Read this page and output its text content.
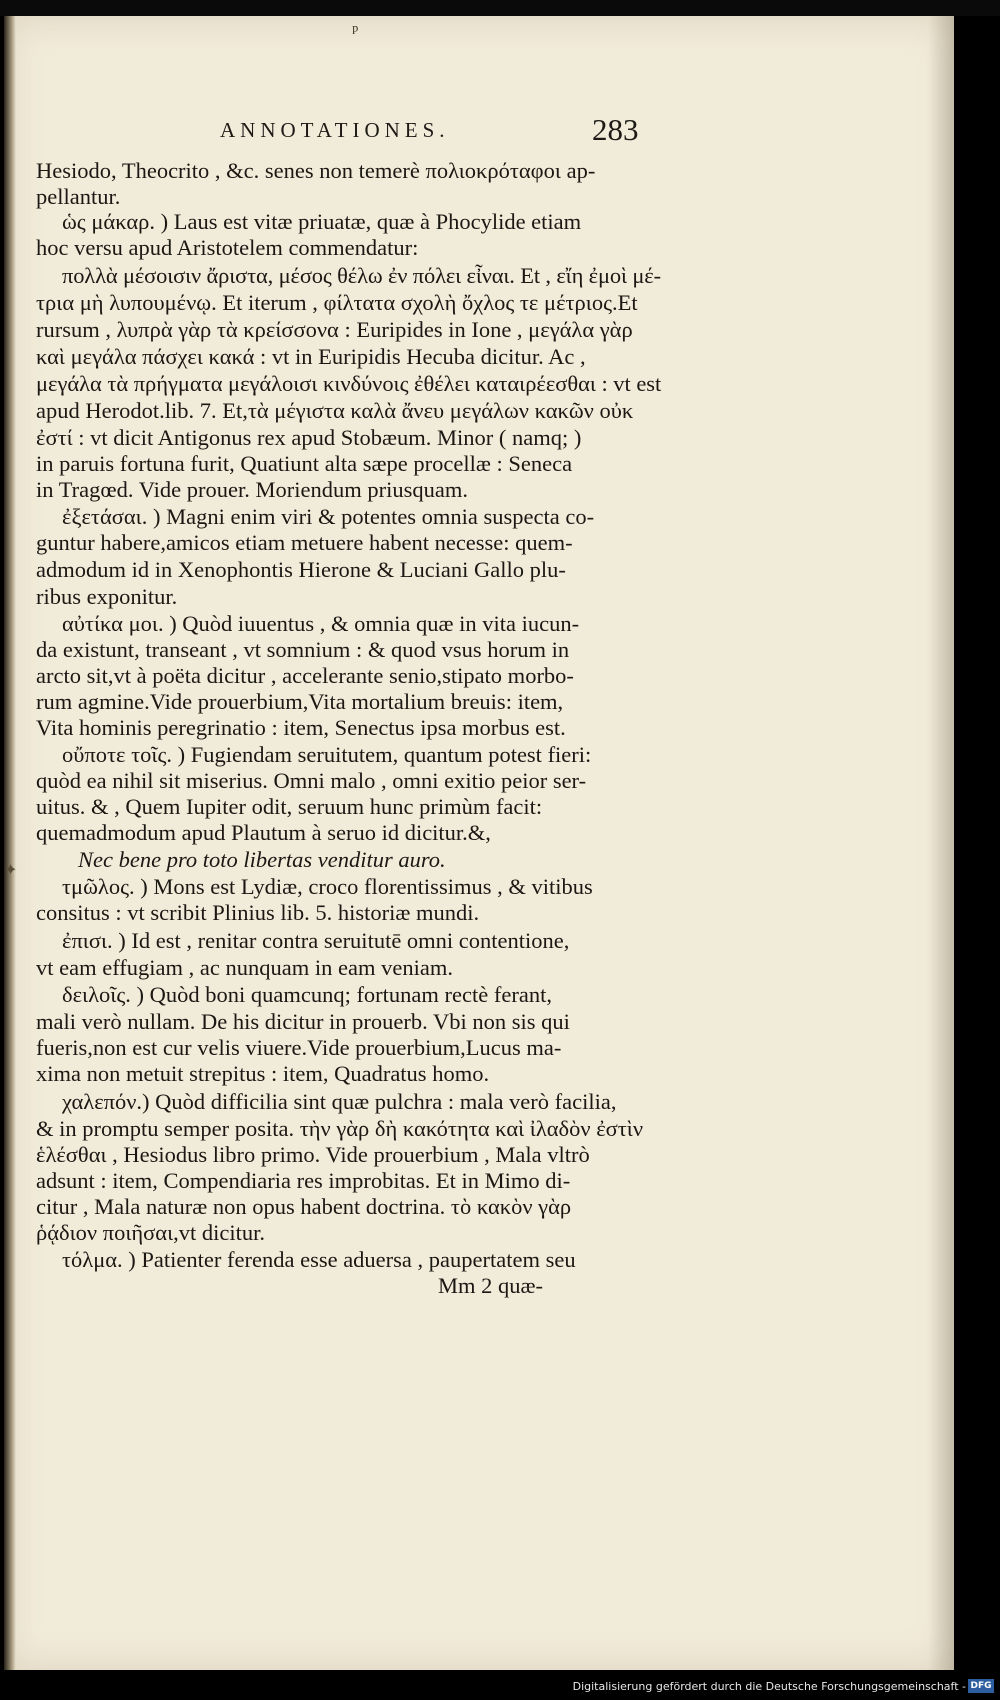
ᵖ
✦
ANNOTATIONES.	283
Hesiodo, Theocrito , &c. senes non temerè πολιοκρόταφοι ap-
pellantur.
ὡς μάκαρ. ) Laus est vitæ priuatæ, quæ à Phocylide etiam
hoc versu apud Aristotelem commendatur:
πολλὰ μέσοισιν ἄριστα, μέσος θέλω ἐν πόλει εἶναι. Et , εἴη ἐμοὶ μέ-
τρια μὴ λυπουμένῳ. Et iterum , φίλτατα σχολὴ ὄχλος τε μέτριος.Et
rursum , λυπρὰ γὰρ τὰ κρείσσονα : Euripides in Ione , μεγάλα γὰρ
καὶ μεγάλα πάσχει κακά : vt in Euripidis Hecuba dicitur. Ac ,
μεγάλα τὰ πρήγματα μεγάλοισι κινδύνοις ἐθέλει καταιρέεσθαι : vt est
apud Herodot.lib. 7. Et,τὰ μέγιστα καλὰ ἄνευ μεγάλων κακῶν οὐκ
ἐστί : vt dicit Antigonus rex apud Stobæum. Minor ( namq; )
in paruis fortuna furit, Quatiunt alta sæpe procellæ : Seneca
in Tragœd. Vide prouer. Moriendum priusquam.
ἐξετάσαι. ) Magni enim viri & potentes omnia suspecta co-
guntur habere,amicos etiam metuere habent necesse: quem-
admodum id in Xenophontis Hierone & Luciani Gallo plu-
ribus exponitur.
αὐτίκα μοι. ) Quòd iuuentus , & omnia quæ in vita iucun-
da existunt, transeant , vt somnium : & quod vsus horum in
arcto sit,vt à poëta dicitur , accelerante senio,stipato morbo-
rum agmine.Vide prouerbium,Vita mortalium breuis: item,
Vita hominis peregrinatio : item, Senectus ipsa morbus est.
οὔποτε τοῖς. ) Fugiendam seruitutem, quantum potest fieri:
quòd ea nihil sit miserius. Omni malo , omni exitio peior ser-
uitus. & , Quem Iupiter odit, seruum hunc primùm facit:
quemadmodum apud Plautum à seruo id dicitur.&,
Nec bene pro toto libertas venditur auro.
τμῶλος. ) Mons est Lydiæ, croco florentissimus , & vitibus
consitus : vt scribit Plinius lib. 5. historiæ mundi.
ἐπισι. ) Id est , renitar contra seruitutē omni contentione,
vt eam effugiam , ac nunquam in eam veniam.
δειλοῖς. ) Quòd boni quamcunq; fortunam rectè ferant,
mali verò nullam. De his dicitur in prouerb. Vbi non sis qui
fueris,non est cur velis viuere.Vide prouerbium,Lucus ma-
xima non metuit strepitus : item, Quadratus homo.
χαλεπόν.) Quòd difficilia sint quæ pulchra : mala verò facilia,
& in promptu semper posita. τὴν γὰρ δὴ κακότητα καὶ ἰλαδὸν ἐστὶν
ἑλέσθαι , Hesiodus libro primo. Vide prouerbium , Mala vltrò
adsunt : item, Compendiaria res improbitas. Et in Mimo di-
citur , Mala naturæ non opus habent doctrina. τὸ κακὸν γὰρ
ῥᾴδιον ποιῆσαι,vt dicitur.
τόλμα. ) Patienter ferenda esse aduersa , paupertatem seu
Mm 2 quæ-
Digitalisierung gefördert durch die Deutsche Forschungsgemeinschaft - DFG
